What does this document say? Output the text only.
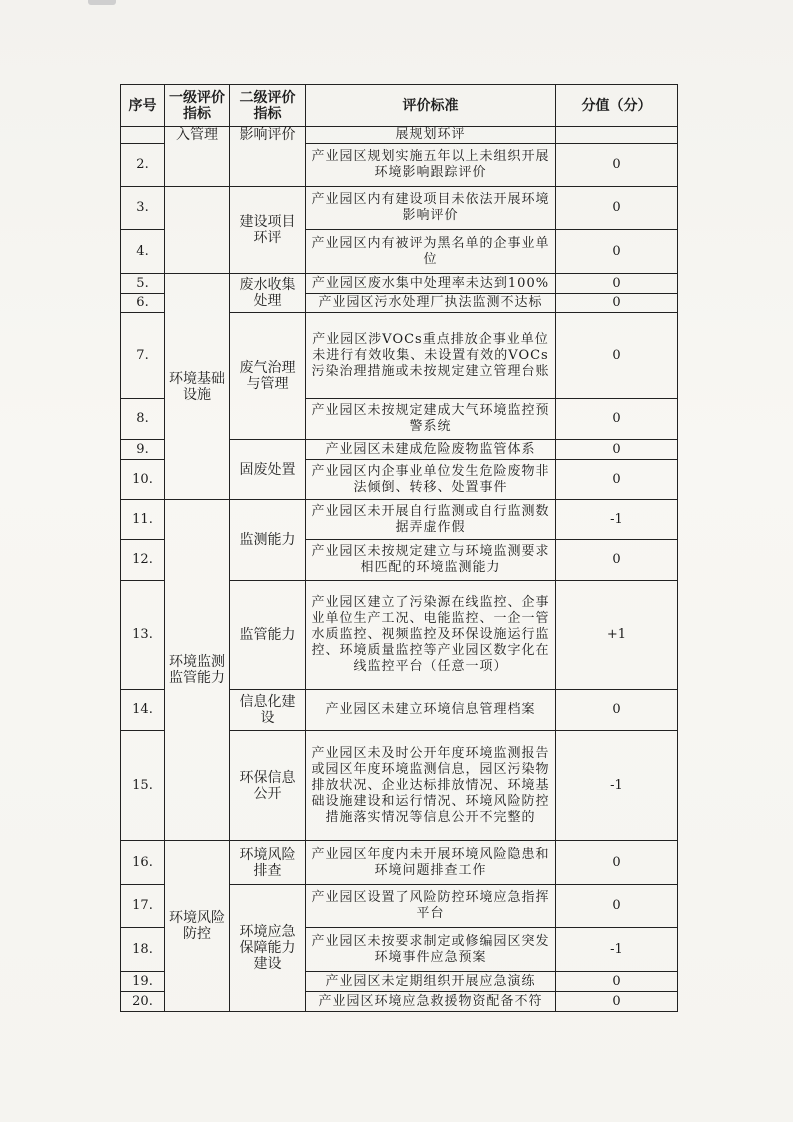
序号	一级评价指标	二级评价指标	评价标准	分值（分）
	入管理	影响评价	展规划环评	
2.			产业园区规划实施五年以上未组织开展环境影响跟踪评价	0
3.		建设项目环评	产业园区内有建设项目未依法开展环境影响评价	0
4.			产业园区内有被评为黑名单的企事业单位	0
5.	环境基础设施	废水收集处理	产业园区废水集中处理率未达到100%	0
6.			产业园区污水处理厂执法监测不达标	0
7.		废气治理与管理	产业园区涉VOCs重点排放企事业单位未进行有效收集、未设置有效的VOCs污染治理措施或未按规定建立管理台账	0
8.			产业园区未按规定建成大气环境监控预警系统	0
9.		固废处置	产业园区未建成危险废物监管体系	0
10.			产业园区内企事业单位发生危险废物非法倾倒、转移、处置事件	0
11.	环境监测监管能力	监测能力	产业园区未开展自行监测或自行监测数据弄虚作假	-1
12.			产业园区未按规定建立与环境监测要求相匹配的环境监测能力	0
13.		监管能力	产业园区建立了污染源在线监控、企事业单位生产工况、电能监控、一企一管水质监控、视频监控及环保设施运行监控、环境质量监控等产业园区数字化在线监控平台（任意一项）	+1
14.		信息化建设	产业园区未建立环境信息管理档案	0
15.		环保信息公开	产业园区未及时公开年度环境监测报告或园区年度环境监测信息，园区污染物排放状况、企业达标排放情况、环境基础设施建设和运行情况、环境风险防控措施落实情况等信息公开不完整的	-1
16.	环境风险防控	环境风险排查	产业园区年度内未开展环境风险隐患和环境问题排查工作	0
17.		环境应急保障能力建设	产业园区设置了风险防控环境应急指挥平台	0
18.			产业园区未按要求制定或修编园区突发环境事件应急预案	-1
19.			产业园区未定期组织开展应急演练	0
20.			产业园区环境应急救援物资配备不符	0
